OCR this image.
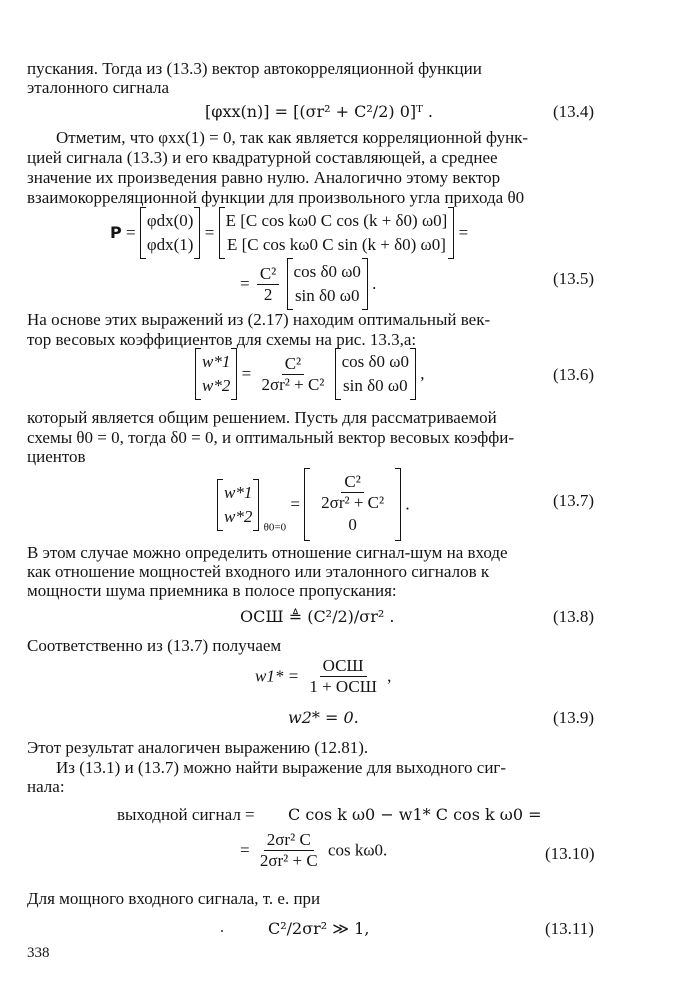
пускания. Тогда из (13.3) вектор автокорреляционной функции
эталонного сигнала
[φxx(n)] = [(σr² + C²/2) 0]ᵀ .	(13.4)
Отметим, что φxx(1) = 0, так как является корреляционной функ-
цией сигнала (13.3) и его квадратурной составляющей, а среднее
значение их произведения равно нулю. Аналогично этому вектор
взаимокорреляционной функции для произвольного угла прихода θ0
P =
φdx(0)
φdx(1)
=
E [C cos kω0 C cos (k + δ0) ω0]
E [C cos kω0 C sin (k + δ0) ω0]
=
= $\frac{\text{C²}}{2}$
cos δ0 ω0
sin δ0 ω0
.	(13.5)
На основе этих выражений из (2.17) находим оптимальный век-
тор весовых коэффициентов для схемы на рис. 13.3,а:
w*1
w*2
= $\frac{\text{C²}}{\text{2σr² + C²}}$
cos δ0 ω0
sin δ0 ω0
,	(13.6)
который является общим решением. Пусть для рассматриваемой
схемы θ0 = 0, тогда δ0 = 0, и оптимальный вектор весовых коэффи-
циентов
w*1
w*2
$_{\theta 0=0} = \frac{\text{C²}}{\text{2σr² + C²}}$
0
.	(13.7)
В этом случае можно определить отношение сигнал-шум на входе
как отношение мощностей входного или эталонного сигналов к
мощности шума приемника в полосе пропускания:
ОСШ ≜ (C²/2)/σr² .	(13.8)
Соответственно из (13.7) получаем
$w1* = \frac{\text{ОСШ}}{\text{1 + ОСШ}}$ ,
w2* = 0.	(13.9)
Этот результат аналогичен выражению (12.81).
Из (13.1) и (13.7) можно найти выражение для выходного сиг-
нала:
выходной сигнал = C cos k ω0 − w1* C cos k ω0 =
= $\frac{\text{2σr² C}}{\text{2σr² + C}}$ cos kω0.	(13.10)
Для мощного входного сигнала, т. е. при
C²/2σr² ≫ 1,	(13.11)
338
